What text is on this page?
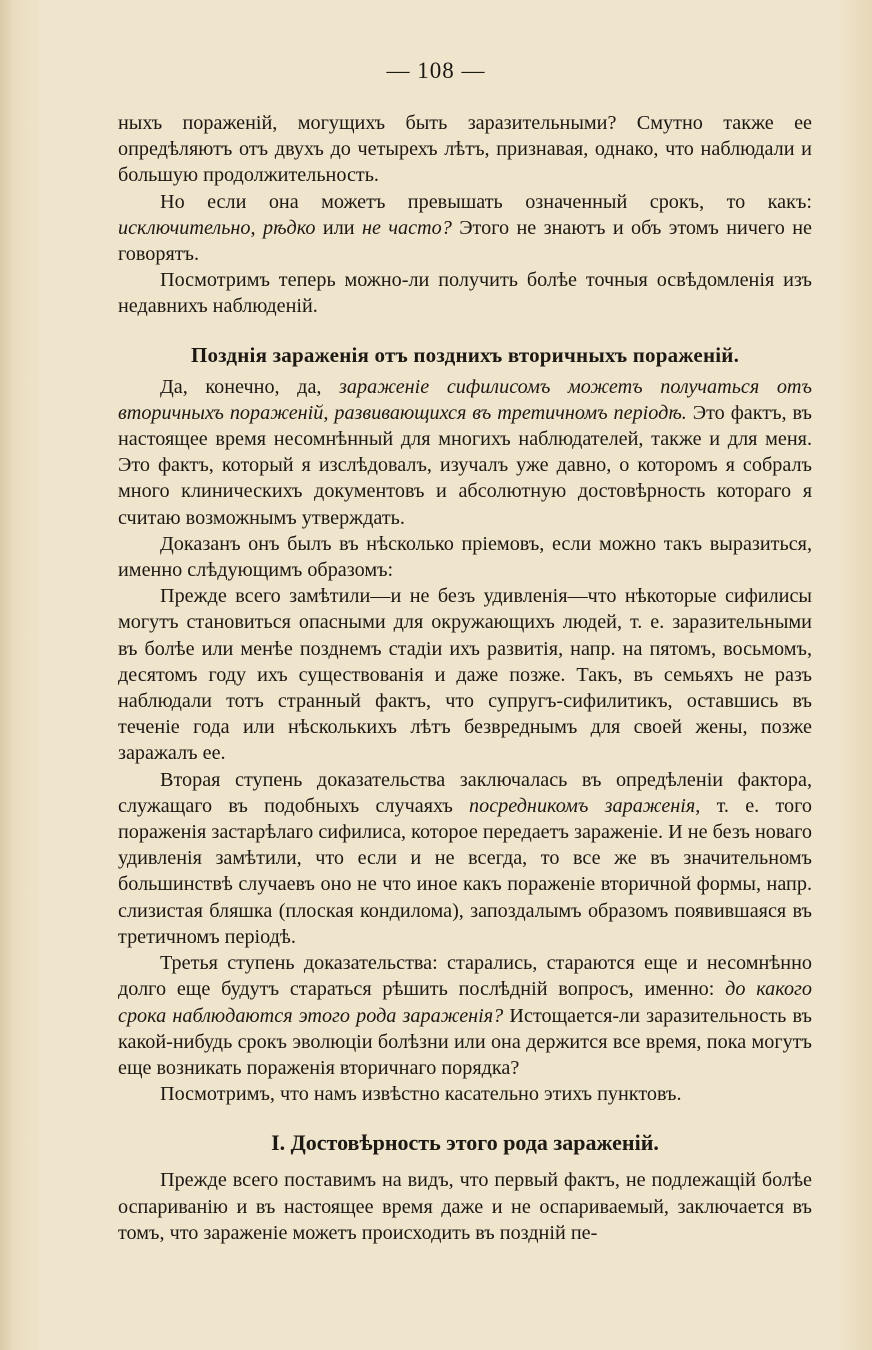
— 108 —

ныхъ пораженій, могущихъ быть заразительными? Смутно также ее опредѣляютъ отъ двухъ до четырехъ лѣтъ, признавая, однако, что наблюдали и большую продолжительность.

Но если она можетъ превышать означенный срокъ, то какъ: исключительно, рѣдко или не часто? Этого не знаютъ и объ этомъ ничего не говорятъ.

Посмотримъ теперь можно-ли получить болѣе точныя освѣдомленія изъ недавнихъ наблюденій.

Позднія зараженія отъ позднихъ вторичныхъ пораженій.

Да, конечно, да, зараженіе сифилисомъ можетъ получаться отъ вторичныхъ пораженій, развивающихся въ третичномъ періодѣ. Это фактъ, въ настоящее время несомнѣнный для многихъ наблюдателей, также и для меня. Это фактъ, который я изслѣдовалъ, изучалъ уже давно, о которомъ я собралъ много клиническихъ документовъ и абсолютную достовѣрность котораго я считаю возможнымъ утверждать.

Доказанъ онъ былъ въ нѣсколько пріемовъ, если можно такъ выразиться, именно слѣдующимъ образомъ:

Прежде всего замѣтили—и не безъ удивленія—что нѣкоторые сифилисы могутъ становиться опасными для окружающихъ людей, т. е. заразительными въ болѣе или менѣе позднемъ стадіи ихъ развитія, напр. на пятомъ, восьмомъ, десятомъ году ихъ существованія и даже позже. Такъ, въ семьяхъ не разъ наблюдали тотъ странный фактъ, что супругъ-сифилитикъ, оставшись въ теченіе года или нѣсколькихъ лѣтъ безвреднымъ для своей жены, позже заражалъ ее.

Вторая ступень доказательства заключалась въ опредѣленіи фактора, служащаго въ подобныхъ случаяхъ посредникомъ зараженія, т. е. того пораженія застарѣлаго сифилиса, которое передаетъ зараженіе. И не безъ новаго удивленія замѣтили, что если и не всегда, то все же въ значительномъ большинствѣ случаевъ оно не что иное какъ пораженіе вторичной формы, напр. слизистая бляшка (плоская кондилома), запоздалымъ образомъ появившаяся въ третичномъ періодѣ.

Третья ступень доказательства: старались, стараются еще и несомнѣнно долго еще будутъ стараться рѣшить послѣдній вопросъ, именно: до какого срока наблюдаются этого рода зараженія? Истощается-ли заразительность въ какой-нибудь срокъ эволюціи болѣзни или она держится все время, пока могутъ еще возникать пораженія вторичнаго порядка?

Посмотримъ, что намъ извѣстно касательно этихъ пунктовъ.

I. Достовѣрность этого рода зараженій.

Прежде всего поставимъ на видъ, что первый фактъ, не подлежащій болѣе оспариванію и въ настоящее время даже и не оспариваемый, заключается въ томъ, что зараженіе можетъ происходить въ поздній пе-
